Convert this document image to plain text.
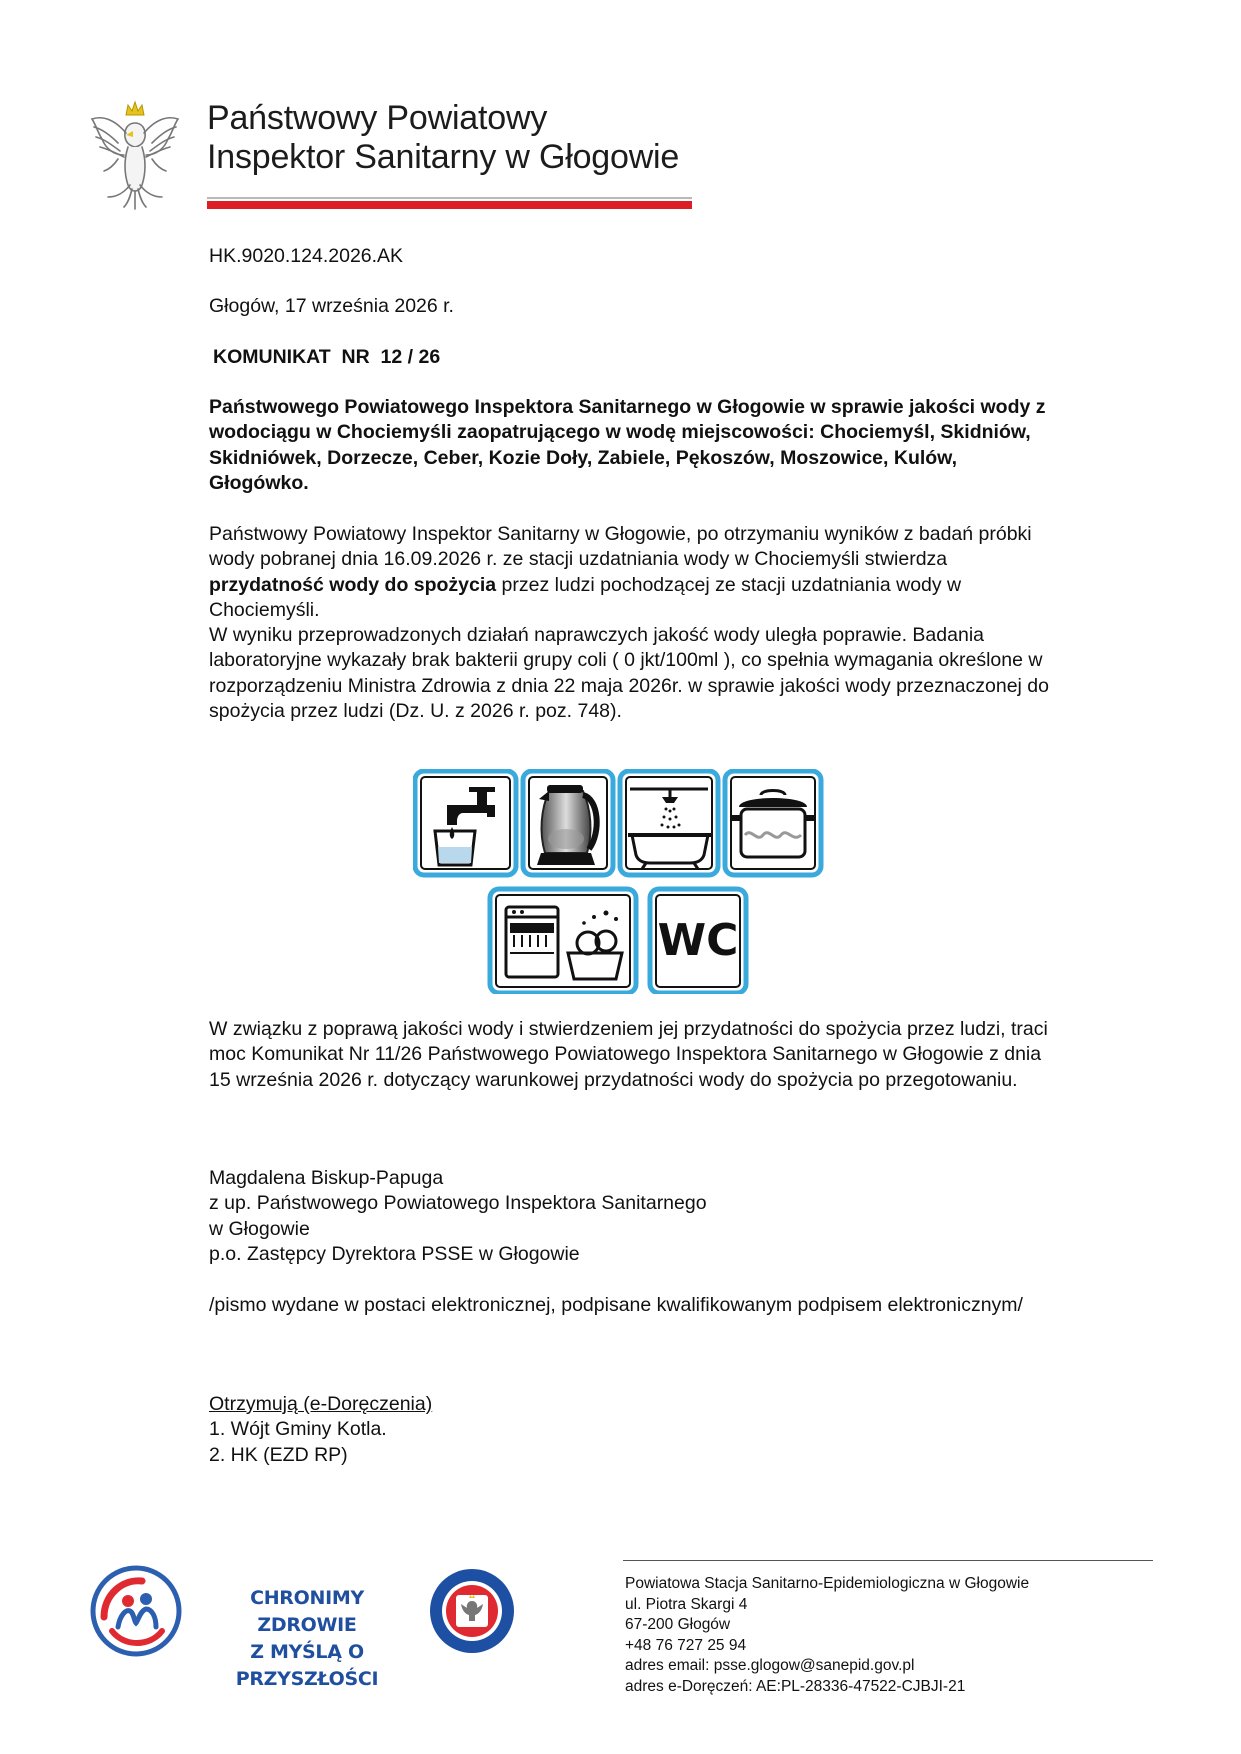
Państwowy Powiatowy
Inspektor Sanitarny w Głogowie
HK.9020.124.2026.AK
Głogów, 17 września 2026 r.
KOMUNIKAT  NR  12 / 26
Państwowego Powiatowego Inspektora Sanitarnego w Głogowie w sprawie jakości wody z wodociągu w Chociemyśli zaopatrującego w wodę miejscowości: Chociemyśl, Skidniów, Skidniówek, Dorzecze, Ceber, Kozie Doły, Zabiele, Pękoszów, Moszowice, Kulów, Głogówko.

Państwowy Powiatowy Inspektor Sanitarny w Głogowie, po otrzymaniu wyników z badań próbki wody pobranej dnia 16.09.2026 r. ze stacji uzdatniania wody w Chociemyśli stwierdza przydatność wody do spożycia przez ludzi pochodzącej ze stacji uzdatniania wody w Chociemyśli.

W wyniku przeprowadzonych działań naprawczych jakość wody uległa poprawie. Badania laboratoryjne wykazały brak bakterii grupy coli ( 0 jkt/100ml ), co spełnia wymagania określone w rozporządzeniu Ministra Zdrowia z dnia 22 maja 2026r. w sprawie jakości wody przeznaczonej do spożycia przez ludzi (Dz. U. z 2026 r. poz. 748).

WC

W związku z poprawą jakości wody i stwierdzeniem jej przydatności do spożycia przez ludzi, traci moc Komunikat Nr 11/26 Państwowego Powiatowego Inspektora Sanitarnego w Głogowie z dnia 15 września 2026 r. dotyczący warunkowej przydatności wody do spożycia po przegotowaniu.

Magdalena Biskup-Papuga
z up. Państwowego Powiatowego Inspektora Sanitarnego
w Głogowie
p.o. Zastępcy Dyrektora PSSE w Głogowie
/pismo wydane w postaci elektronicznej, podpisane kwalifikowanym podpisem elektronicznym/
Otrzymują (e-Doręczenia)
1. Wójt Gminy Kotla.
2. HK (EZD RP)
CHRONIMY ZDROWIE
Z MYŚLĄ O PRZYSZŁOŚCI
Powiatowa Stacja Sanitarno-Epidemiologiczna w Głogowie
ul. Piotra Skargi 4
67-200 Głogów
+48 76 727 25 94
adres email: psse.glogow@sanepid.gov.pl
adres e-Doręczeń: AE:PL-28336-47522-CJBJI-21
